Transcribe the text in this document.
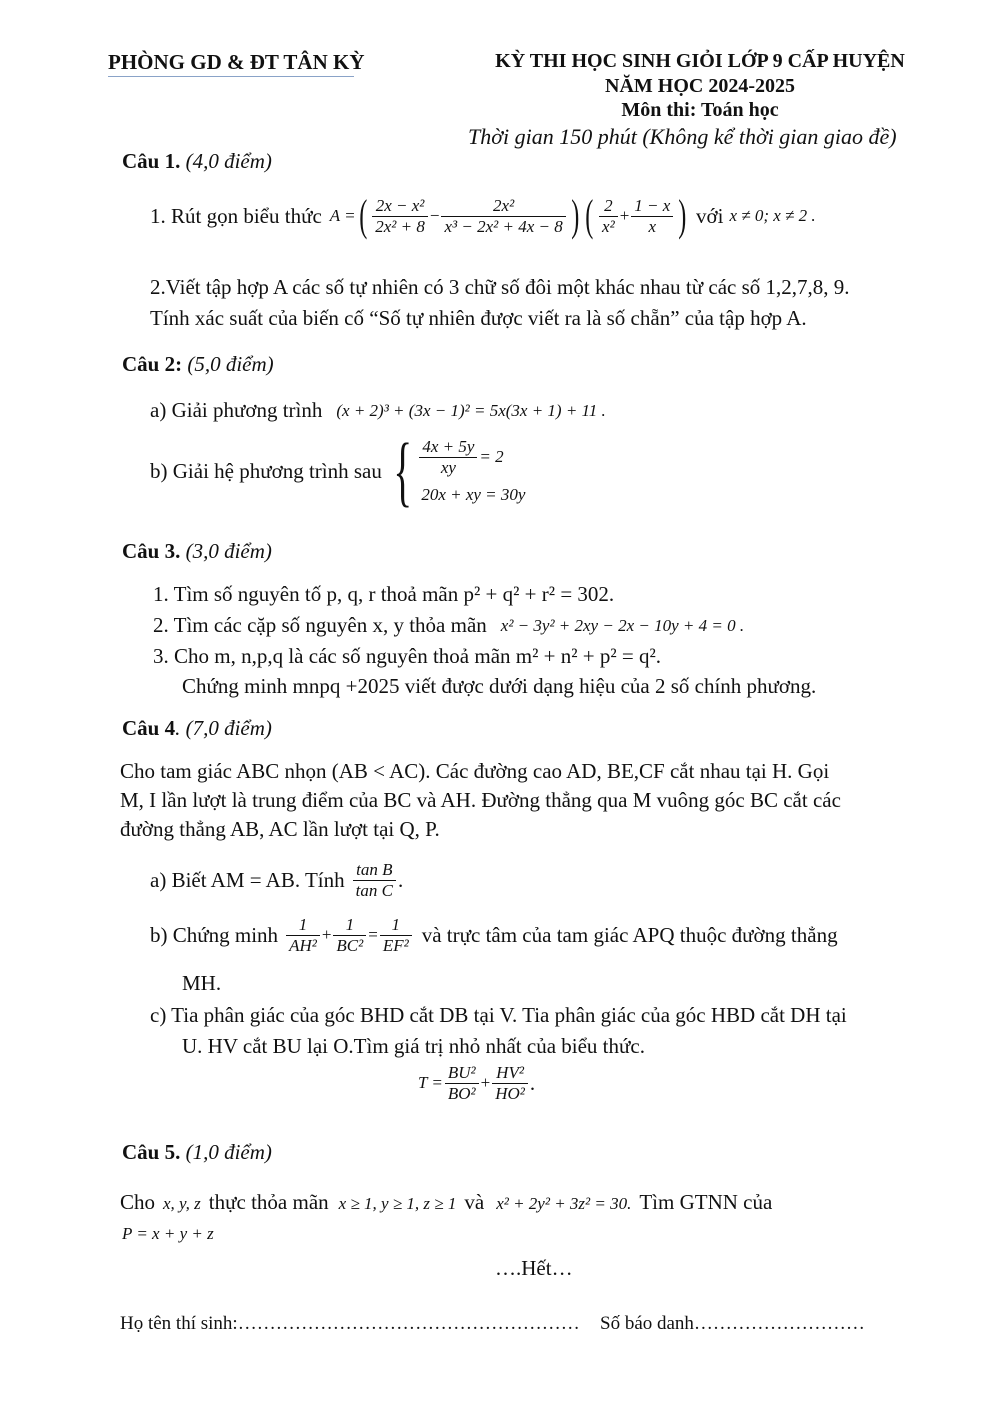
PHÒNG GD & ĐT TÂN KỲ	KỲ THI HỌC SINH GIỎI LỚP 9 CẤP HUYỆN
NĂM HỌC 2024-2025
Môn thi: Toán học
Thời gian 150 phút (Không kể thời gian giao đề)
Câu 1. (4,0 điểm)
1. Rút gọn biểu thức A = ( $\frac{\text{2x − x²}}{\text{2x² + 8}} - \frac{\text{2x²}}{\text{x³ − 2x² + 4x − 8}}$ ) ( $\frac{2}{\text{x²}} + \frac{1 - x}{x}$ ) với x ≠ 0; x ≠ 2 .
2.Viết tập hợp A các số tự nhiên có 3 chữ số đôi một khác nhau từ các số 1,2,7,8, 9.
Tính xác suất của biến cố “Số tự nhiên được viết ra là số chẵn” của tập hợp A.
Câu 2: (5,0 điểm)
a) Giải phương trình (x + 2)³ + (3x − 1)² = 5x(3x + 1) + 11 .
b) Giải hệ phương trình sau { $\frac{4x + 5y}{xy} = 2$
20x + xy = 30y
Câu 3. (3,0 điểm)
1. Tìm số nguyên tố p, q, r thoả mãn p² + q² + r² = 302.
2. Tìm các cặp số nguyên x, y thỏa mãn x² − 3y² + 2xy − 2x − 10y + 4 = 0 .
3. Cho m, n,p,q là các số nguyên thoả mãn m² + n² + p² = q².
Chứng minh mnpq +2025 viết được dưới dạng hiệu của 2 số chính phương.
Câu 4. (7,0 điểm)
Cho tam giác ABC nhọn (AB < AC). Các đường cao AD, BE,CF cắt nhau tại H. Gọi
M, I lần lượt là trung điểm của BC và AH. Đường thẳng qua M vuông góc BC cắt các
đường thẳng AB, AC lần lượt tại Q, P.
a) Biết AM = AB. Tính $\frac{\text{tan B}}{\text{tan C}}$ .
b) Chứng minh $\frac{1}{\text{AH²}} + \frac{1}{\text{BC²}} = \frac{1}{\text{EF²}}$ và trực tâm của tam giác APQ thuộc đường thẳng
MH.
c) Tia phân giác của góc BHD cắt DB tại V. Tia phân giác của góc HBD cắt DH tại
U. HV cắt BU lại O.Tìm giá trị nhỏ nhất của biểu thức.
$T = \frac{\text{BU²}}{\text{BO²}} + \frac{\text{HV²}}{\text{HO²}}$ .
Câu 5. (1,0 điểm)
Cho x, y, z thực thỏa mãn x ≥ 1, y ≥ 1, z ≥ 1 và x² + 2y² + 3z² = 30. Tìm GTNN của
P = x + y + z
….Hết…
Họ tên thí sinh:……………………………………………… Số báo danh………………………
